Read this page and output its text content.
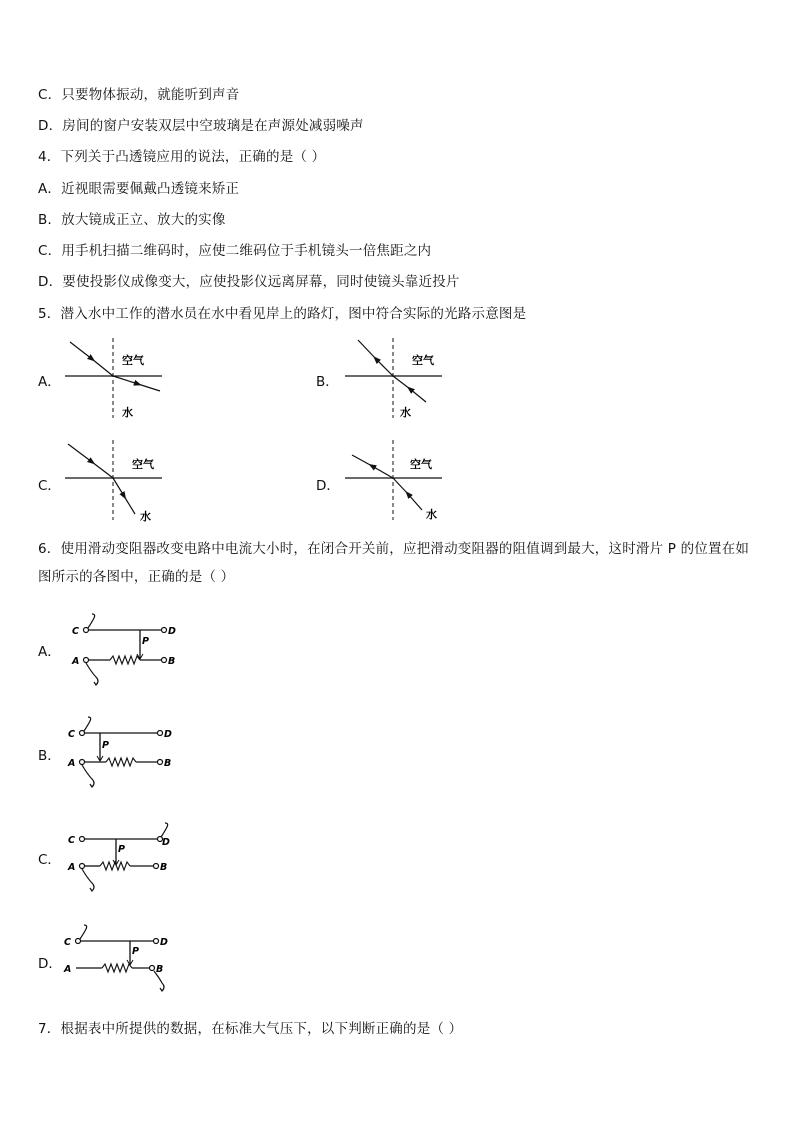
C．只要物体振动，就能听到声音
D．房间的窗户安装双层中空玻璃是在声源处减弱噪声
4．下列关于凸透镜应用的说法，正确的是（ ）
A．近视眼需要佩戴凸透镜来矫正
B．放大镜成正立、放大的实像
C．用手机扫描二维码时，应使二维码位于手机镜头一倍焦距之内
D．要使投影仪成像变大，应使投影仪远离屏幕，同时使镜头靠近投片
5．潜入水中工作的潜水员在水中看见岸上的路灯，图中符合实际的光路示意图是
A．
空气
水
B．
空气
水
C．
空气
水
D．
空气
水
6．使用滑动变阻器改变电路中电流大小时，在闭合开关前，应把滑动变阻器的阻值调到最大，这时滑片 P 的位置在如图所示的各图中，正确的是（ ）
A．
C	D
P
A	B
B．
C	D
P
A	B
C．
C	D
P
A	B
D．
C	D
P
A	B
7．根据表中所提供的数据，在标准大气压下，以下判断正确的是（ ）
